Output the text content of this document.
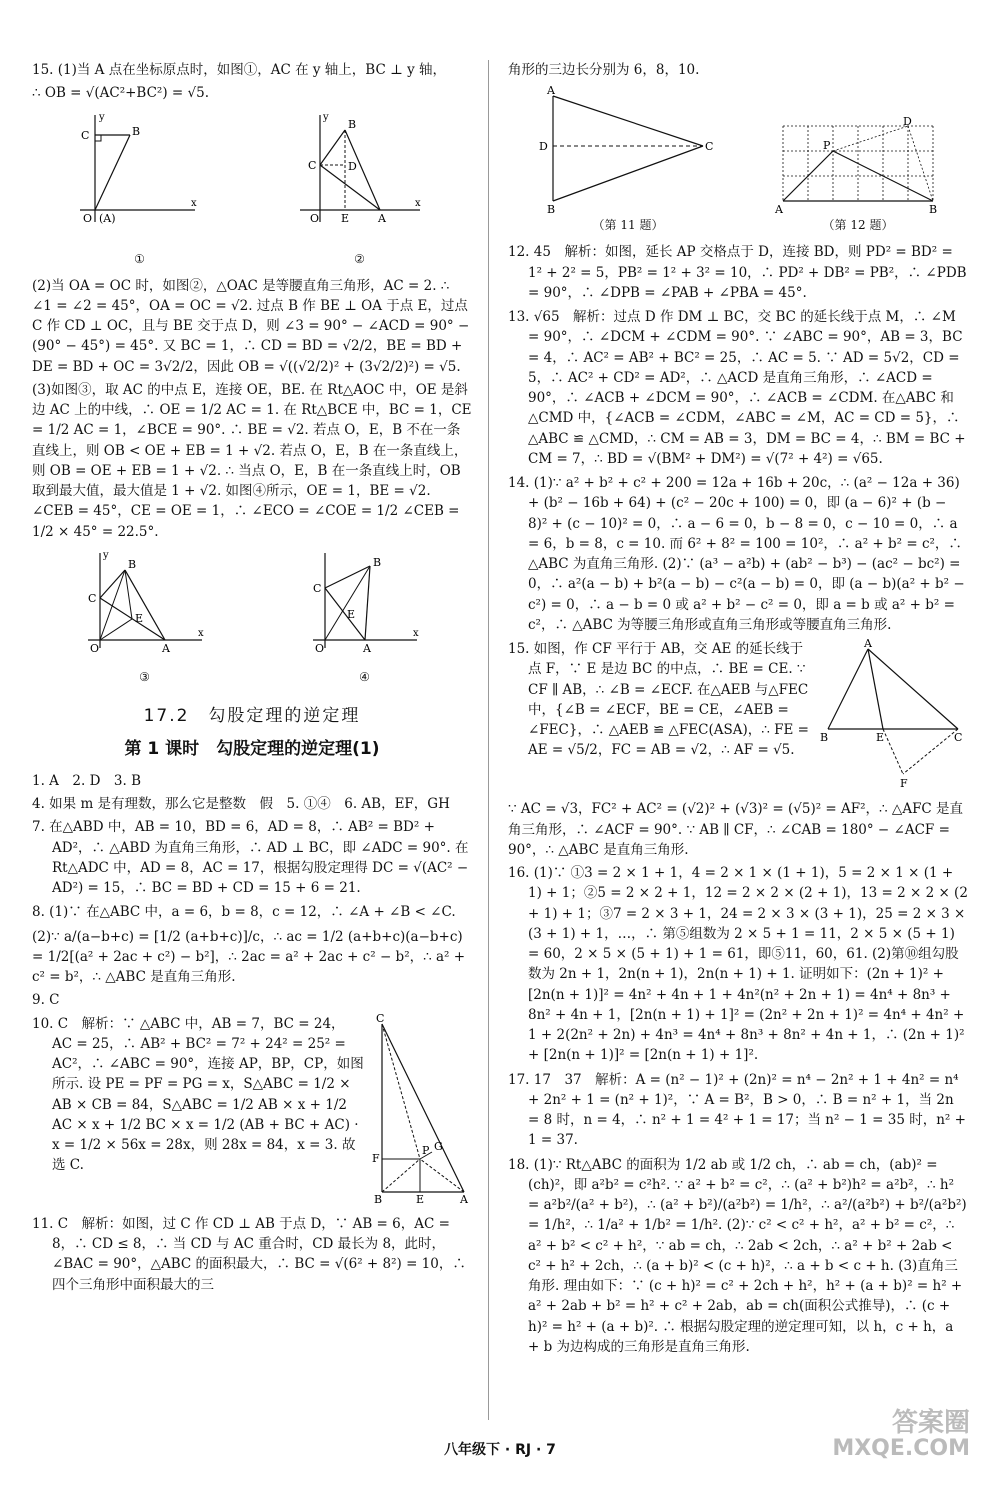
15. (1)当 A 点在坐标原点时，如图①，AC 在 y 轴上，BC ⊥ y 轴，

∴ OB = √(AC²+BC²) = √5.

C	B
O (A)
y
x
①
C
B
D
O E	A
y
x
②

(2)当 OA = OC 时，如图②，△OAC 是等腰直角三角形，AC = 2. ∴ ∠1 = ∠2 = 45°，OA = OC = √2. 过点 B 作 BE ⊥ OA 于点 E，过点 C 作 CD ⊥ OC，且与 BE 交于点 D，则 ∠3 = 90° − ∠ACD = 90° − (90° − 45°) = 45°. 又 BC = 1，∴ CD = BD = √2/2，BE = BD + DE = BD + OC = 3√2/2，因此 OB = √((√2/2)² + (3√2/2)²) = √5.

(3)如图③，取 AC 的中点 E，连接 OE，BE. 在 Rt△AOC 中，OE 是斜边 AC 上的中线，∴ OE = 1/2 AC = 1. 在 Rt△BCE 中，BC = 1，CE = 1/2 AC = 1，∠BCE = 90°. ∴ BE = √2. 若点 O，E，B 不在一条直线上，则 OB < OE + EB = 1 + √2. 若点 O，E，B 在一条直线上，则 OB = OE + EB = 1 + √2. ∴ 当点 O，E，B 在一条直线上时，OB 取到最大值，最大值是 1 + √2. 如图④所示，OE = 1，BE = √2. ∠CEB = 45°，CE = OE = 1，∴ ∠ECO = ∠COE = 1/2 ∠CEB = 1/2 × 45° = 22.5°.

C
B
E
O	A
y
x
③
C
B
E
O	A
x
④
17.2　勾股定理的逆定理
第 1 课时　勾股定理的逆定理(1)

1. A　2. D　3. B

4. 如果 m 是有理数，那么它是整数　假　5. ①④　6. AB，EF，GH

7. 在△ABD 中，AB = 10，BD = 6，AD = 8，∴ AB² = BD² + AD²，∴ △ABD 为直角三角形，∴ AD ⊥ BC，即 ∠ADC = 90°. 在 Rt△ADC 中，AD = 8，AC = 17，根据勾股定理得 DC = √(AC² − AD²) = 15，∴ BC = BD + CD = 15 + 6 = 21.

8. (1)∵ 在△ABC 中，a = 6，b = 8，c = 12，∴ ∠A + ∠B < ∠C.

(2)∵ a/(a−b+c) = [1/2 (a+b+c)]/c，∴ ac = 1/2 (a+b+c)(a−b+c) = 1/2[(a² + 2ac + c²) − b²]，∴ 2ac = a² + 2ac + c² − b²，∴ a² + c² = b²，∴ △ABC 是直角三角形.

9. C

C
F
P G
B	E	A

10. C　解析：∵ △ABC 中，AB = 7，BC = 24，AC = 25，∴ AB² + BC² = 7² + 24² = 25² = AC²，∴ ∠ABC = 90°，连接 AP，BP，CP，如图所示. 设 PE = PF = PG = x，S△ABC = 1/2 × AB × CB = 84，S△ABC = 1/2 AB × x + 1/2 AC × x + 1/2 BC × x = 1/2 (AB + BC + AC) · x = 1/2 × 56x = 28x，则 28x = 84，x = 3. 故选 C.

11. C　解析：如图，过 C 作 CD ⊥ AB 于点 D，∵ AB = 6，AC = 8，∴ CD ≤ 8，∴ 当 CD 与 AC 重合时，CD 最长为 8，此时，∠BAC = 90°，△ABC 的面积最大，∴ BC = √(6² + 8²) = 10，∴ 四个三角形中面积最大的三

角形的三边长分别为 6，8，10.

A
D	C
B
（第 11 题）
A
P
D
B
（第 12 题）

12. 45　解析：如图，延长 AP 交格点于 D，连接 BD，则 PD² = BD² = 1² + 2² = 5，PB² = 1² + 3² = 10，∴ PD² + DB² = PB²，∴ ∠PDB = 90°，∴ ∠DPB = ∠PAB + ∠PBA = 45°.

13. √65　解析：过点 D 作 DM ⊥ BC，交 BC 的延长线于点 M，∴ ∠M = 90°，∴ ∠DCM + ∠CDM = 90°. ∵ ∠ABC = 90°，AB = 3，BC = 4，∴ AC² = AB² + BC² = 25，∴ AC = 5. ∵ AD = 5√2，CD = 5，∴ AC² + CD² = AD²，∴ △ACD 是直角三角形，∴ ∠ACD = 90°，∴ ∠ACB + ∠DCM = 90°，∴ ∠ACB = ∠CDM. 在△ABC 和△CMD 中，{∠ACB = ∠CDM，∠ABC = ∠M，AC = CD = 5}，∴ △ABC ≌ △CMD，∴ CM = AB = 3，DM = BC = 4，∴ BM = BC + CM = 7，∴ BD = √(BM² + DM²) = √(7² + 4²) = √65.

14. (1)∵ a² + b² + c² + 200 = 12a + 16b + 20c，∴ (a² − 12a + 36) + (b² − 16b + 64) + (c² − 20c + 100) = 0，即 (a − 6)² + (b − 8)² + (c − 10)² = 0，∴ a − 6 = 0，b − 8 = 0，c − 10 = 0，∴ a = 6，b = 8，c = 10. 而 6² + 8² = 100 = 10²，∴ a² + b² = c²，∴ △ABC 为直角三角形. (2)∵ (a³ − a²b) + (ab² − b³) − (ac² − bc²) = 0，∴ a²(a − b) + b²(a − b) − c²(a − b) = 0，即 (a − b)(a² + b² − c²) = 0，∴ a − b = 0 或 a² + b² − c² = 0，即 a = b 或 a² + b² = c²，∴ △ABC 为等腰三角形或直角三角形或等腰直角三角形.

A
B	E	C
F

15. 如图，作 CF 平行于 AB，交 AE 的延长线于点 F，∵ E 是边 BC 的中点，∴ BE = CE. ∵ CF ∥ AB，∴ ∠B = ∠ECF. 在△AEB 与△FEC 中，{∠B = ∠ECF，BE = CE，∠AEB = ∠FEC}，∴ △AEB ≌ △FEC(ASA)，∴ FE = AE = √5/2，FC = AB = √2，∴ AF = √5.

∵ AC = √3，FC² + AC² = (√2)² + (√3)² = (√5)² = AF²，∴ △AFC 是直角三角形，∴ ∠ACF = 90°. ∵ AB ∥ CF，∴ ∠CAB = 180° − ∠ACF = 90°，∴ △ABC 是直角三角形.

16. (1)∵ ①3 = 2 × 1 + 1，4 = 2 × 1 × (1 + 1)，5 = 2 × 1 × (1 + 1) + 1；②5 = 2 × 2 + 1，12 = 2 × 2 × (2 + 1)，13 = 2 × 2 × (2 + 1) + 1；③7 = 2 × 3 + 1，24 = 2 × 3 × (3 + 1)，25 = 2 × 3 × (3 + 1) + 1，…，∴ 第⑤组数为 2 × 5 + 1 = 11，2 × 5 × (5 + 1) = 60，2 × 5 × (5 + 1) + 1 = 61，即⑤11，60，61. (2)第⑩组勾股数为 2n + 1，2n(n + 1)，2n(n + 1) + 1. 证明如下：(2n + 1)² + [2n(n + 1)]² = 4n² + 4n + 1 + 4n²(n² + 2n + 1) = 4n⁴ + 8n³ + 8n² + 4n + 1，[2n(n + 1) + 1]² = (2n² + 2n + 1)² = 4n⁴ + 4n² + 1 + 2(2n² + 2n) + 4n³ = 4n⁴ + 8n³ + 8n² + 4n + 1，∴ (2n + 1)² + [2n(n + 1)]² = [2n(n + 1) + 1]².

17. 17　37　解析：A = (n² − 1)² + (2n)² = n⁴ − 2n² + 1 + 4n² = n⁴ + 2n² + 1 = (n² + 1)²，∵ A = B²，B > 0，∴ B = n² + 1，当 2n = 8 时，n = 4，∴ n² + 1 = 4² + 1 = 17；当 n² − 1 = 35 时，n² + 1 = 37.

18. (1)∵ Rt△ABC 的面积为 1/2 ab 或 1/2 ch，∴ ab = ch，(ab)² = (ch)²，即 a²b² = c²h². ∵ a² + b² = c²，∴ (a² + b²)h² = a²b²，∴ h² = a²b²/(a² + b²)，∴ (a² + b²)/(a²b²) = 1/h²，∴ a²/(a²b²) + b²/(a²b²) = 1/h²，∴ 1/a² + 1/b² = 1/h². (2)∵ c² < c² + h²，a² + b² = c²，∴ a² + b² < c² + h²，∵ ab = ch，∴ 2ab < 2ch，∴ a² + b² + 2ab < c² + h² + 2ch，∴ (a + b)² < (c + h)²，∴ a + b < c + h. (3)直角三角形. 理由如下：∵ (c + h)² = c² + 2ch + h²，h² + (a + b)² = h² + a² + 2ab + b² = h² + c² + 2ab，ab = ch(面积公式推导)，∴ (c + h)² = h² + (a + b)². ∴ 根据勾股定理的逆定理可知，以 h，c + h，a + b 为边构成的三角形是直角三角形.

八年级下 · RJ · 7
答案圈
MXQE.COM
